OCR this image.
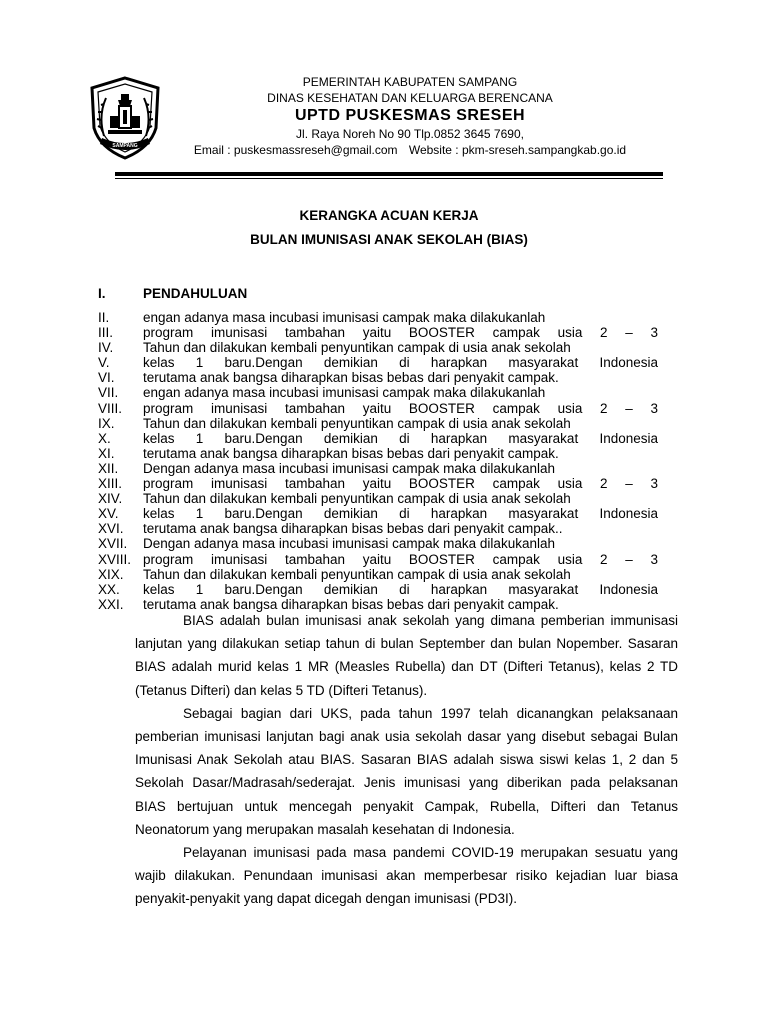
SAMPANG
PEMERINTAH KABUPATEN SAMPANG
DINAS KESEHATAN DAN KELUARGA BERENCANA
UPTD PUSKESMAS SRESEH
Jl. Raya Noreh No 90 Tlp.0852 3645 7690,
Email : puskesmassreseh@gmail.com Website : pkm-sreseh.sampangkab.go.id
KERANGKA ACUAN KERJA
BULAN IMUNISASI ANAK SEKOLAH (BIAS)
I.	PENDAHULUAN
II.	engan adanya masa incubasi imunisasi campak maka dilakukanlah
III.	program imunisasi tambahan yaitu BOOSTER campak usia 2 – 3
IV.	Tahun dan dilakukan kembali penyuntikan campak di usia anak sekolah
V.	kelas 1 baru.Dengan demikian di harapkan masyarakat Indonesia
VI.	terutama anak bangsa diharapkan bisas bebas dari penyakit campak.
VII.	engan adanya masa incubasi imunisasi campak maka dilakukanlah
VIII.	program imunisasi tambahan yaitu BOOSTER campak usia 2 – 3
IX.	Tahun dan dilakukan kembali penyuntikan campak di usia anak sekolah
X.	kelas 1 baru.Dengan demikian di harapkan masyarakat Indonesia
XI.	terutama anak bangsa diharapkan bisas bebas dari penyakit campak.
XII.	Dengan adanya masa incubasi imunisasi campak maka dilakukanlah
XIII.	program imunisasi tambahan yaitu BOOSTER campak usia 2 – 3
XIV.	Tahun dan dilakukan kembali penyuntikan campak di usia anak sekolah
XV.	kelas 1 baru.Dengan demikian di harapkan masyarakat Indonesia
XVI.	terutama anak bangsa diharapkan bisas bebas dari penyakit campak..
XVII.	Dengan adanya masa incubasi imunisasi campak maka dilakukanlah
XVIII. program imunisasi tambahan yaitu BOOSTER campak usia 2 – 3
XIX.	Tahun dan dilakukan kembali penyuntikan campak di usia anak sekolah
XX.	kelas 1 baru.Dengan demikian di harapkan masyarakat Indonesia
XXI.	terutama anak bangsa diharapkan bisas bebas dari penyakit campak.

BIAS adalah bulan imunisasi anak sekolah yang dimana pemberian immunisasi lanjutan yang dilakukan setiap tahun di bulan September dan bulan Nopember. Sasaran BIAS adalah murid kelas 1 MR (Measles Rubella) dan DT (Difteri Tetanus), kelas 2 TD (Tetanus Difteri) dan kelas 5 TD (Difteri Tetanus).

Sebagai bagian dari UKS, pada tahun 1997 telah dicanangkan pelaksanaan pemberian imunisasi lanjutan bagi anak usia sekolah dasar yang disebut sebagai Bulan Imunisasi Anak Sekolah atau BIAS. Sasaran BIAS adalah siswa siswi kelas 1, 2 dan 5 Sekolah Dasar/Madrasah/sederajat. Jenis imunisasi yang diberikan pada pelaksanan BIAS bertujuan untuk mencegah penyakit Campak, Rubella, Difteri dan Tetanus Neonatorum yang merupakan masalah kesehatan di Indonesia.

Pelayanan imunisasi pada masa pandemi COVID-19 merupakan sesuatu yang wajib dilakukan. Penundaan imunisasi akan memperbesar risiko kejadian luar biasa penyakit-penyakit yang dapat dicegah dengan imunisasi (PD3I).
